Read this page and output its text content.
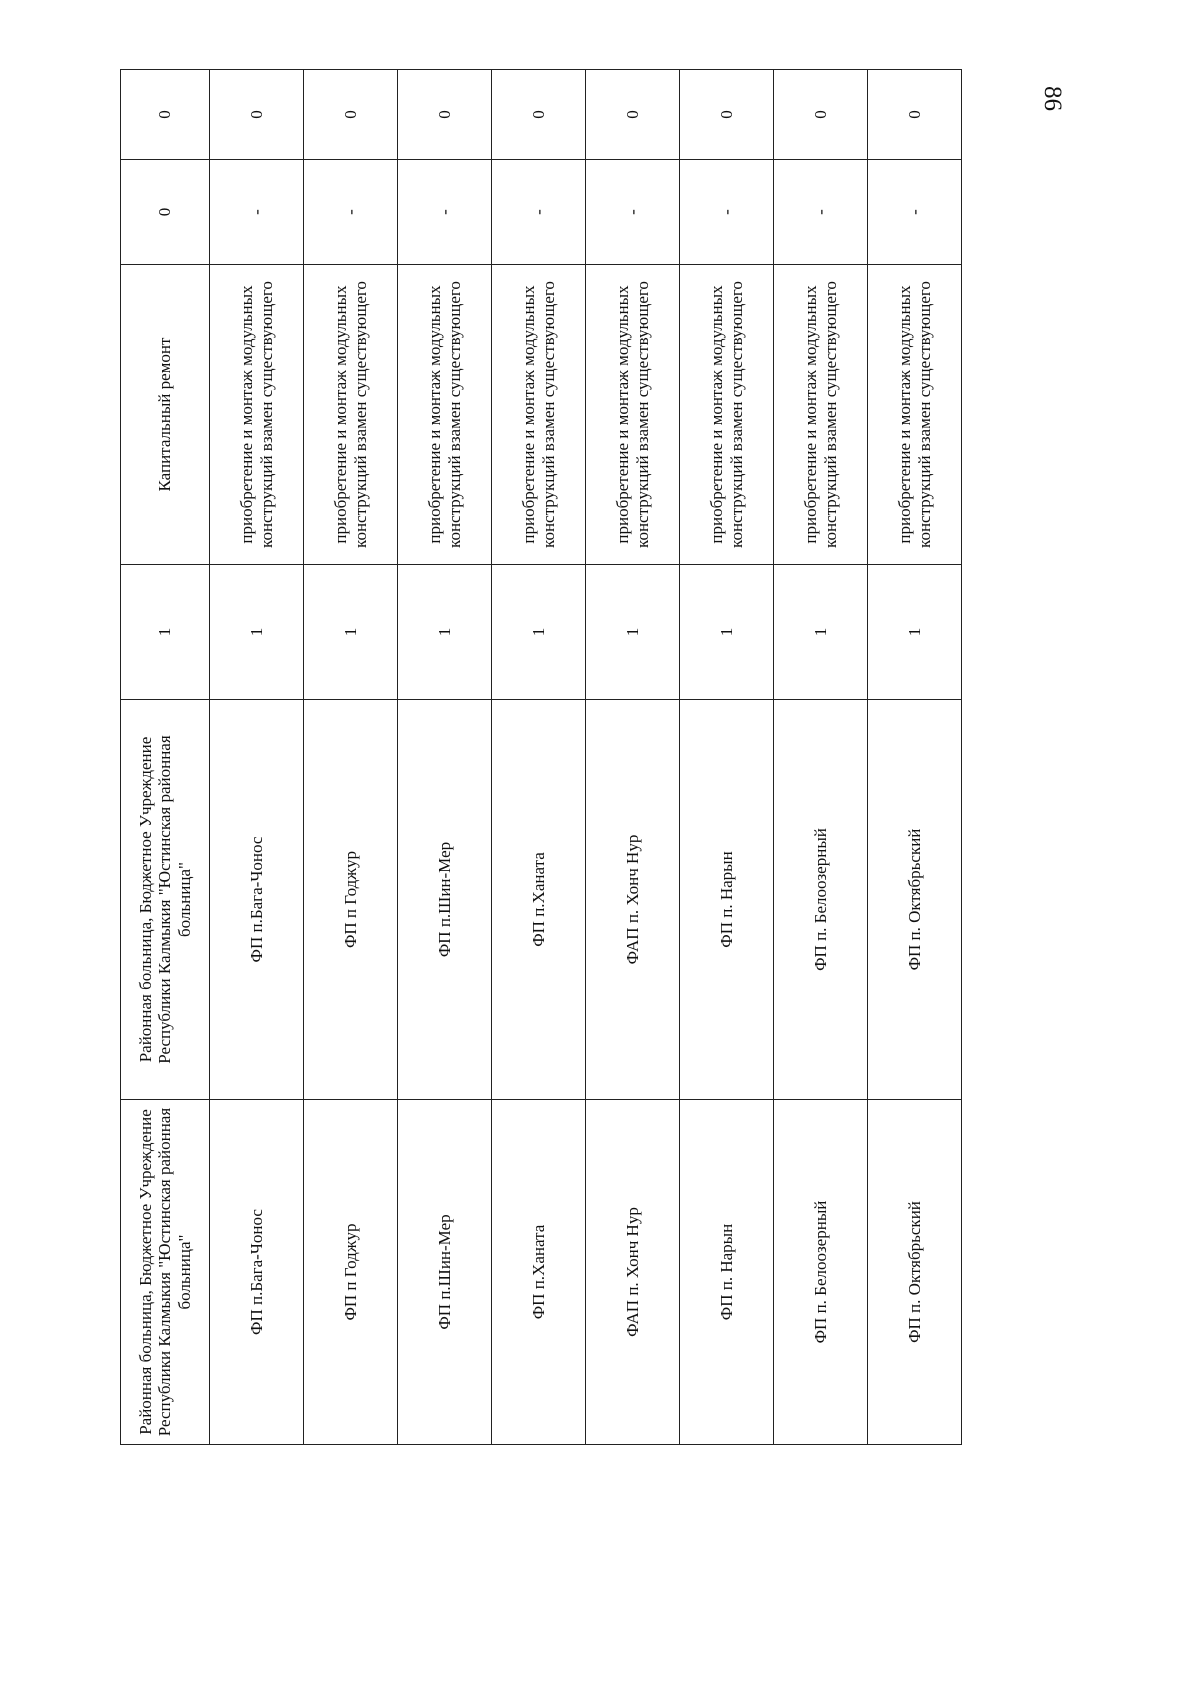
86
Районная больница, Бюджетное Учреждение Республики Калмыкия "Юстинская районная больница"	Районная больница, Бюджетное Учреждение Республики Калмыкия "Юстинская районная больница"	1	Капитальный ремонт	0	0
ФП п.Бага-Чонос	ФП п.Бага-Чонос	1	приобретение и монтаж модульных конструкций взамен существующего	-	0
ФП п Годжур	ФП п Годжур	1	приобретение и монтаж модульных конструкций взамен существующего	-	0
ФП п.Шин-Мер	ФП п.Шин-Мер	1	приобретение и монтаж модульных конструкций взамен существующего	-	0
ФП п.Ханата	ФП п.Ханата	1	приобретение и монтаж модульных конструкций взамен существующего	-	0
ФАП п. Хонч Нур	ФАП п. Хонч Нур	1	приобретение и монтаж модульных конструкций взамен существующего	-	0
ФП п. Нарын	ФП п. Нарын	1	приобретение и монтаж модульных конструкций взамен существующего	-	0
ФП п. Белоозерный	ФП п. Белоозерный	1	приобретение и монтаж модульных конструкций взамен существующего	-	0
ФП п. Октябрьский	ФП п. Октябрьский	1	приобретение и монтаж модульных конструкций взамен существующего	-	0
